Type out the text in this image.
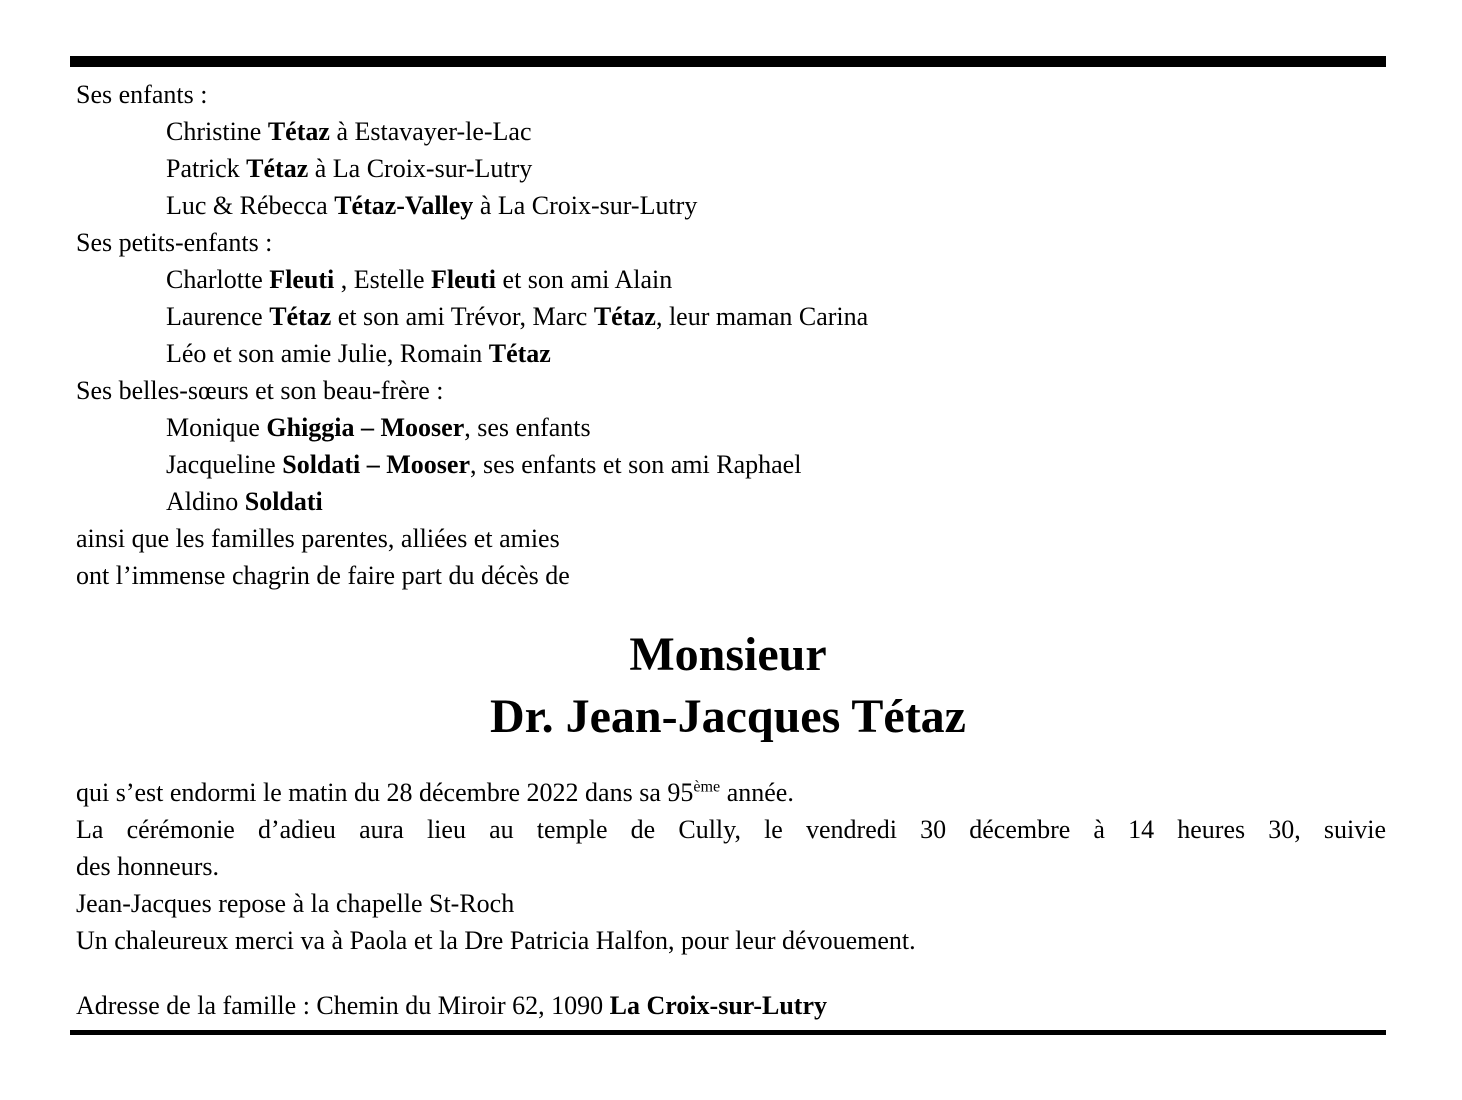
Ses enfants :
Christine Tétaz à Estavayer-le-Lac
Patrick Tétaz à La Croix-sur-Lutry
Luc & Rébecca Tétaz-Valley à La Croix-sur-Lutry
Ses petits-enfants :
Charlotte Fleuti , Estelle Fleuti et son ami Alain
Laurence Tétaz et son ami Trévor, Marc Tétaz, leur maman Carina
Léo et son amie Julie, Romain Tétaz
Ses belles-sœurs et son beau-frère :
Monique Ghiggia – Mooser, ses enfants
Jacqueline Soldati – Mooser, ses enfants et son ami Raphael
Aldino Soldati
ainsi que les familles parentes, alliées et amies
ont l’immense chagrin de faire part du décès de
Monsieur
Dr. Jean-Jacques Tétaz
qui s’est endormi le matin du 28 décembre 2022 dans sa 95ème année.
La cérémonie d’adieu aura lieu au temple de Cully, le vendredi 30 décembre à 14 heures 30, suivie
des honneurs.
Jean-Jacques repose à la chapelle St-Roch
Un chaleureux merci va à Paola et la Dre Patricia Halfon, pour leur dévouement.
Adresse de la famille : Chemin du Miroir 62, 1090 La Croix-sur-Lutry
